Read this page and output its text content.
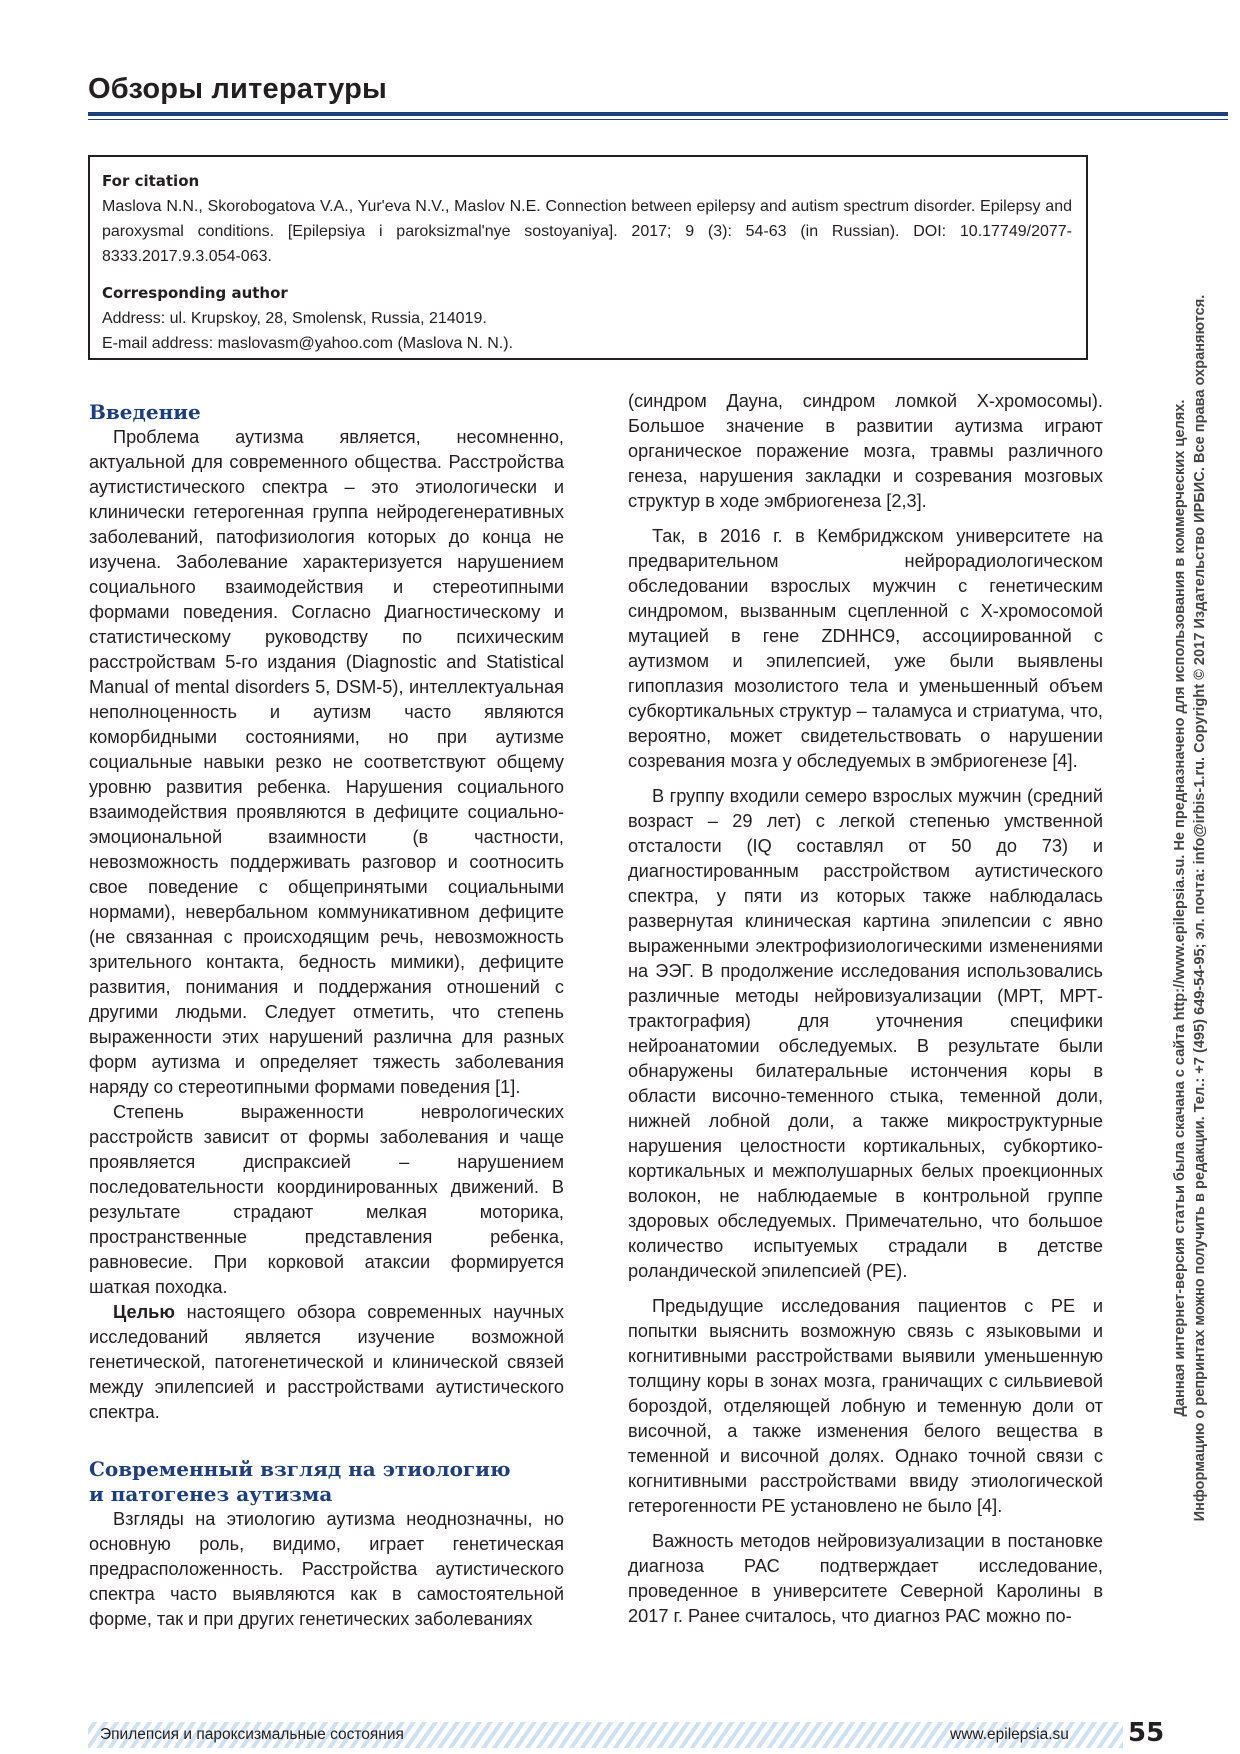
Обзоры литературы
For citation

Maslova N.N., Skorobogatova V.A., Yur'eva N.V., Maslov N.E. Connection between epilepsy and autism spectrum disorder. Epilepsy and paroxysmal conditions. [Epilepsiya i paroksizmal'nye sostoyaniya]. 2017; 9 (3): 54-63 (in Russian). DOI: 10.17749/2077-8333.2017.9.3.054-063.

Corresponding author

Address: ul. Krupskoy, 28, Smolensk, Russia, 214019.

E-mail address: maslovasm@yahoo.com (Maslova N. N.).

Введение

Проблема аутизма является, несомненно, актуальной для современного общества. Расстройства аутистистического спектра – это этиологически и клинически гетерогенная группа нейродегенеративных заболеваний, патофизиология которых до конца не изучена. Заболевание характеризуется нарушением социального взаимодействия и стереотипными формами поведения. Согласно Диагностическому и статистическому руководству по психическим расстройствам 5-го издания (Diagnostic and Statistical Manual of mental disorders 5, DSM-5), интеллектуальная неполноценность и аутизм часто являются коморбидными состояниями, но при аутизме социальные навыки резко не соответствуют общему уровню развития ребенка. Нарушения социального взаимодействия проявляются в дефиците социально-эмоциональной взаимности (в частности, невозможность поддерживать разговор и соотносить свое поведение с общепринятыми социальными нормами), невербальном коммуникативном дефиците (не связанная с происходящим речь, невозможность зрительного контакта, бедность мимики), дефиците развития, понимания и поддержания отношений с другими людьми. Следует отметить, что степень выраженности этих нарушений различна для разных форм аутизма и определяет тяжесть заболевания наряду со стереотипными формами поведения [1].

Степень выраженности неврологических расстройств зависит от формы заболевания и чаще проявляется диспраксией – нарушением последовательности координированных движений. В результате страдают мелкая моторика, пространственные представления ребенка, равновесие. При корковой атаксии формируется шаткая походка.

Целью настоящего обзора современных научных исследований является изучение возможной генетической, патогенетической и клинической связей между эпилепсией и расстройствами аутистического спектра.

Современный взгляд на этиологию
и патогенез аутизма

Взгляды на этиологию аутизма неоднозначны, но основную роль, видимо, играет генетическая предрасположенность. Расстройства аутистического спектра часто выявляются как в самостоятельной форме, так и при других генетических заболеваниях

(синдром Дауна, синдром ломкой Х-хромосомы). Большое значение в развитии аутизма играют органическое поражение мозга, травмы различного генеза, нарушения закладки и созревания мозговых структур в ходе эмбриогенеза [2,3].

Так, в 2016 г. в Кембриджском университете на предварительном нейрорадиологическом обследовании взрослых мужчин с генетическим синдромом, вызванным сцепленной с Х-хромосомой мутацией в гене ZDHHC9, ассоциированной с аутизмом и эпилепсией, уже были выявлены гипоплазия мозолистого тела и уменьшенный объем субкортикальных структур – таламуса и стриатума, что, вероятно, может свидетельствовать о нарушении созревания мозга у обследуемых в эмбриогенезе [4].

В группу входили семеро взрослых мужчин (средний возраст – 29 лет) с легкой степенью умственной отсталости (IQ составлял от 50 до 73) и диагностированным расстройством аутистического спектра, у пяти из которых также наблюдалась развернутая клиническая картина эпилепсии с явно выраженными электрофизиологическими изменениями на ЭЭГ. В продолжение исследования использовались различные методы нейровизуализации (МРТ, МРТ-трактография) для уточнения специфики нейроанатомии обследуемых. В результате были обнаружены билатеральные истончения коры в области височно-теменного стыка, теменной доли, нижней лобной доли, а также микроструктурные нарушения целостности кортикальных, субкортико-кортикальных и межполушарных белых проекционных волокон, не наблюдаемые в контрольной группе здоровых обследуемых. Примечательно, что большое количество испытуемых страдали в детстве роландической эпилепсией (РЕ).

Предыдущие исследования пациентов с РЕ и попытки выяснить возможную связь с языковыми и когнитивными расстройствами выявили уменьшенную толщину коры в зонах мозга, граничащих с сильвиевой бороздой, отделяющей лобную и теменную доли от височной, а также изменения белого вещества в теменной и височной долях. Однако точной связи с когнитивными расстройствами ввиду этиологической гетерогенности РЕ установлено не было [4].

Важность методов нейровизуализации в постановке диагноза РАС подтверждает исследование, проведенное в университете Северной Каролины в 2017 г. Ранее считалось, что диагноз РАС можно по-

Данная интернет-версия статьи была скачана с сайта http://www.epilepsia.su. Не предназначено для использования в коммерческих целях. Информацию о репринтах можно получить в редакции. Тел.: +7 (495) 649-54-95; эл. почта: info@irbis-1.ru. Copyright © 2017 Издательство ИРБИС. Все права охраняются.
Эпилепсия и пароксизмальные состояния	www.epilepsia.su 55
